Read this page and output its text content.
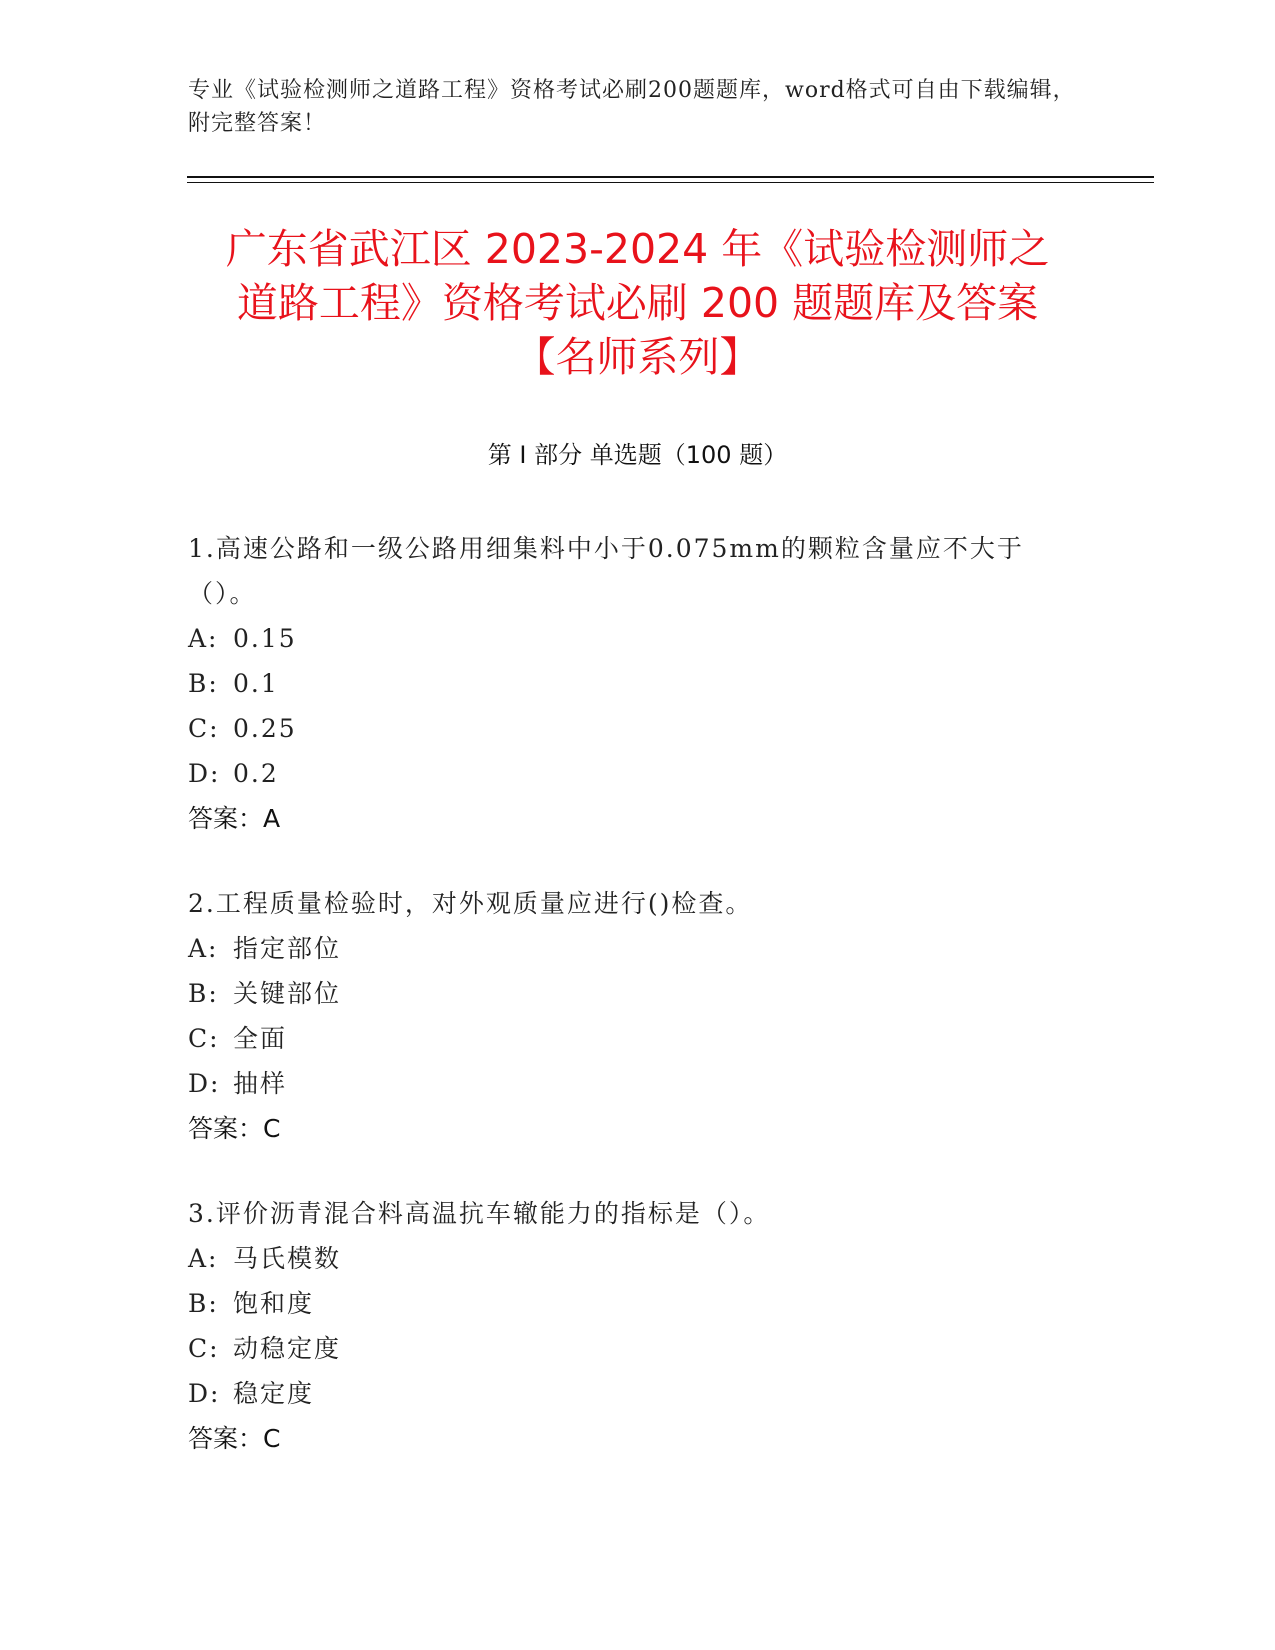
专业《试验检测师之道路工程》资格考试必刷200题题库，word格式可自由下载编辑，附完整答案！
广东省武江区 2023-2024 年《试验检测师之
道路工程》资格考试必刷 200 题题库及答案
【名师系列】
第 I 部分 单选题（100 题）
1.高速公路和一级公路用细集料中小于0.075mm的颗粒含量应不大于（）。
A: 0.15
B: 0.1
C: 0.25
D: 0.2
答案：A
2.工程质量检验时，对外观质量应进行()检查。
A: 指定部位
B: 关键部位
C: 全面
D: 抽样
答案：C
3.评价沥青混合料高温抗车辙能力的指标是（）。
A: 马氏模数
B: 饱和度
C: 动稳定度
D: 稳定度
答案：C
